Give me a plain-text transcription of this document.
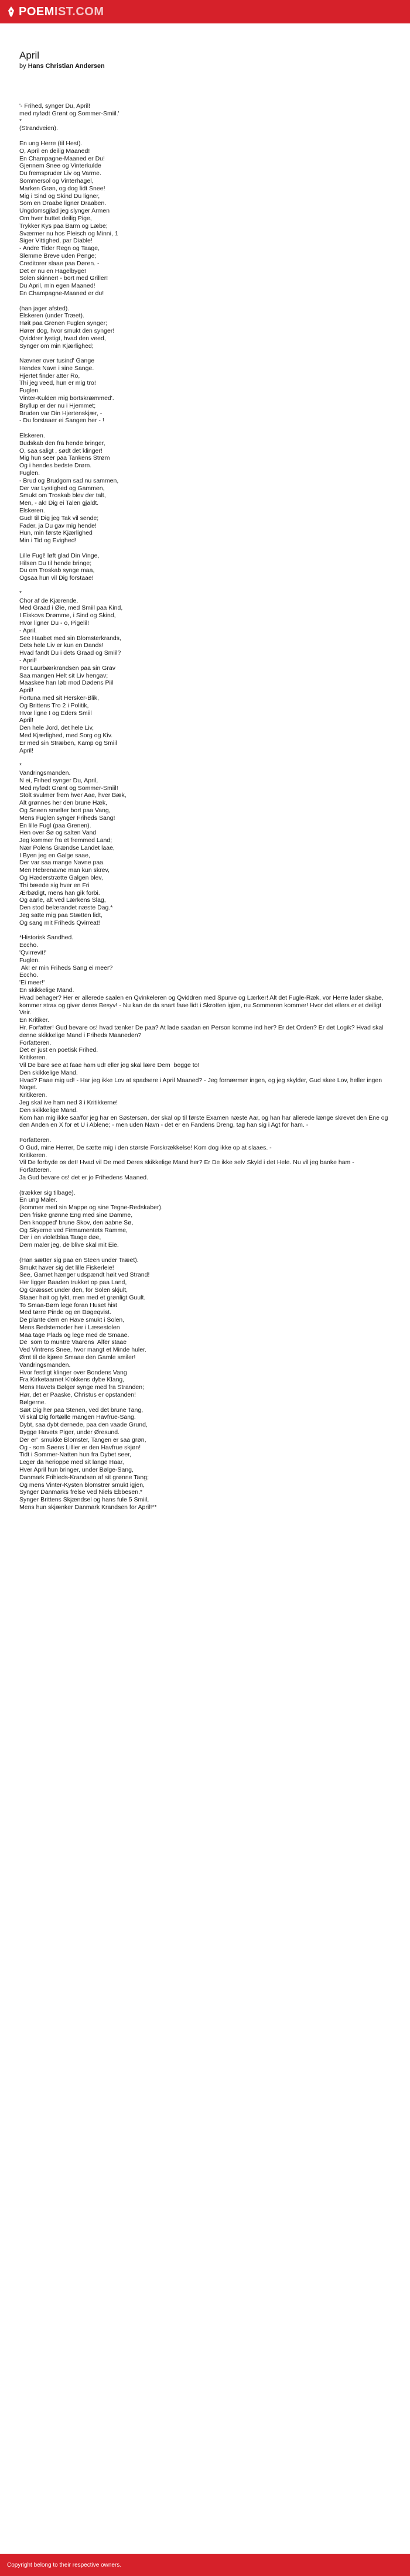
POEMIST.COM
April

by Hans Christian Andersen

'- Frihed, synger Du, April!
med nyfødt Grønt og Sommer-Smiil.'
*
(Strandveien).
En ung Herre (til Hest).
O, April en deilig Maaned!
En Champagne-Maaned er Du!
Gjennem Snee og Vinterkulde
Du fremspruder Liv og Varme.
Sommersol og Vinterhagel,
Marken Grøn, og dog lidt Snee!
Mig i Sind og Skind Du ligner,
Som en Draabe ligner Draaben.
Ungdomsgjlad jeg slynger Armen
Om hver buttet deilig Pige,
Trykker Kys paa Barm og Læbe;
Sværmer nu hos Pleisch og Minni, 1
Siger Vittighed, par Diable!
- Andre Tider Regn og Taage,
Slemme Breve uden Penge;
Creditorer slaae paa Døren. -
Det er nu en Hagelbyge!
Solen skinner! - bort med Griller!
Du April, min egen Maaned!
En Champagne-Maaned er du!
(han jager afsted).
Elskeren (under Træet).
Høit paa Grenen Fuglen synger;
Hører dog, hvor smukt den synger!
Qviddrer lystigt, hvad den veed,
Synger om min Kjærlighed;
Nævner over tusind' Gange
Hendes Navn i sine Sange.
Hjertet finder atter Ro,
Thi jeg veed, hun er mig tro!
Fuglen.
Vinter-Kulden mig bortskræmmed'.
Bryllup er der nu i Hjemmet;
Bruden var Din Hjertenskjær, -
- Du forstaaer ei Sangen her - !
Elskeren.
Budskab den fra hende bringer,
O, saa saligt , sødt det klinger!
Mig hun seer paa Tankens Strøm
Og i hendes bedste Drøm.
Fuglen.
- Brud og Brudgom sad nu sammen,
Der var Lystighed og Gammen,
Smukt om Troskab blev der talt,
Men, - ak! Dig ei Talen gjaldt.
Elskeren.
Gud! til Dig jeg Tak vil sende;
Fader, ja Du gav mig hende!
Hun, min første Kjærlighed
Min i Tid og Evighed!
Lille Fugl! løft glad Din Vinge,
Hilsen Du til hende bringe;
Du om Troskab synge maa,
Ogsaa hun vil Dig forstaae!
*
Chor af de Kjærende.
Med Graad i Øie, med Smiil paa Kind,
I Eiskovs Drømme, i Sind og Skind,
Hvor ligner Du - o, Pigelil!
- April.
See Haabet med sin Blomsterkrands,
Dets hele Liv er kun en Dands!
Hvad fandt Du i dets Graad og Smiil?
- April!
For Laurbærkrandsen paa sin Grav
Saa mangen Helt sit Liv hengav;
Maaskee han løb mod Dødens Piil
April!
Fortuna med sit Hersker-Blik,
Og Brittens Tro 2 i Politik,
Hvor ligne I og Eders Smiil
April!
Den hele Jord, det hele Liv,
Med Kjærlighed, med Sorg og Kiv.
Er med sin Stræben, Kamp og Smiil
April!
*
Vandringsmanden.
N ei, Frihed synger Du, April,
Med nyfødt Grønt og Sommer-Smiil!
Stolt svulmer frem hver Aae, hver Bæk,
Alt grønnes her den brune Hæk,
Og Sneen smelter bort paa Vang,
Mens Fuglen synger Friheds Sang!
En lille Fugl (paa Grenen).
Hen over Sø og salten Vand
Jeg kommer fra et fremmed Land;
Nær Polens Grændse Landet laae,
I Byen jeg en Galge saae,
Der var saa mange Navne paa.
Men Hebrenavne man kun skrev,
Og Hæderstrætte Galgen blev,
Thi bæede sig hver en Fri
Ærbødigt, mens han gik forbi.
Og aarle, alt ved Lærkens Slag,
Den stod belærandet næste Dag.*
Jeg satte mig paa Stætten lidt,
Og sang mit Friheds Qvirreat!
*Historisk Sandhed.
Eccho.
'Qvirrevit!'
Fuglen.
Ak! er min Friheds Sang ei meer?
Eccho.
'Ei meer!'
En skikkelige Mand.
Hvad behager? Her er allerede saalen en Qvinkeleren og Qviddren med Spurve og Lærker! Alt det Fugle-Ræk, vor Herre lader skabe, kommer strax og giver deres Besyv! - Nu kan de da snart faae lidt i Skrotten igjen, nu Sommeren kommer! Hvor det ellers er et deiligt Veir.
En Kritiker.
Hr. Forfatter! Gud bevare os! hvad tænker De paa? At lade saadan en Person komme ind her? Er det Orden? Er det Logik? Hvad skal denne skikkelige Mand i Friheds Maaneden?
Forfatteren.
Det er just en poetisk Frihed.
Kritikeren.
Vil De bare see at faae ham ud! eller jeg skal lære Dem  begge to!
Den skikkelige Mand.
Hvad? Faae mig ud! - Har jeg ikke Lov at spadsere i April Maaned? - Jeg fornærmer ingen, og jeg skylder, Gud skee Lov, heller ingen Noget.
Kritikeren.
Jeg skal ive ham ned 3 i Kritikkerne!
Den skikkelige Mand.
Kom han mig ikke saa'for jeg har en Søstersøn, der skal op til første Examen næste Aar, og han har allerede længe skrevet den Ene og den Anden en X for et U i Ablene; - men uden Navn - det er en Fandens Dreng, tag han sig i Agt for ham. -
Forfatteren.
O Gud, mine Herrer, De sætte mig i den største Forskrækkelse! Kom dog ikke op at slaaes. -
Kritikeren.
Vil De forbyde os det! Hvad vil De med Deres skikkelige Mand her? Er De ikke selv Skyld i det Hele. Nu vil jeg banke ham -
Forfatteren.
Ja Gud bevare os! det er jo Frihedens Maaned.
(trækker sig tilbage).
En ung Maler.
(kommer med sin Mappe og sine Tegne-Redskaber).
Den friske grønne Eng med sine Damme,
Den knopped' brune Skov, den aabne Sø,
Og Skyerne ved Firmamentets Ramme,
Der i en violetblaa Taage døe,
Dem maler jeg, de blive skal mit Eie.
(Han sætter sig paa en Steen under Træet).
Smukt haver sig det lille Fiskerleie!
See, Garnet hænger udspændt høit ved Strand!
Her ligger Baaden trukket op paa Land,
Og Græsset under den, for Solen skjult,
Staaer høit og tykt, men med et grønligt Guult.
To Smaa-Børn lege foran Huset hist
Med tørre Pinde og en Bøgeqvist.
De plante dem en Have smukt i Solen,
Mens Bedstemoder her i Læsestolen
Maa tage Plads og lege med de Smaae.
De  som to muntre Vaarens  Alfer staae
Ved Vintrens Snee, hvor mangt et Minde huler.
Ømt til de kjære Smaae den Gamle smiler!
Vandringsmanden.
Hvor festligt klinger over Bondens Vang
Fra Kirketaarnet Klokkens dybe Klang,
Mens Havets Bølger synge med fra Stranden;
Hør, det er Paaske, Christus er opstanden!
Bølgerne.
Sæt Dig her paa Stenen, ved det brune Tang,
Vi skal Dig fortælle mangen Havfrue-Sang.
Dybt, saa dybt dernede, paa den vaade Grund,
Bygge Havets Piger, under Øresund.
Der er'  smukke Blomster, Tangen er saa grøn,
Og - som Søens Lillier er den Havfrue skjøn!
Tidt i Sommer-Natten hun fra Dybet seer,
Leger da herioppe med sit lange Haar,
Hver April hun bringer, under Bølge-Sang,
Danmark Frihieds-Krandsen af sit grønne Tang;
Og mens Vinter-Kysten blomstrer smukt igjen,
Synger Danmarks frelse ved Niels Ebbesen.*
Synger Brittens Skjændsel og hans fule 5 Smiil,
Mens hun skjænker Danmark Krandsen for April!**
Copyright belong to their respective owners.
